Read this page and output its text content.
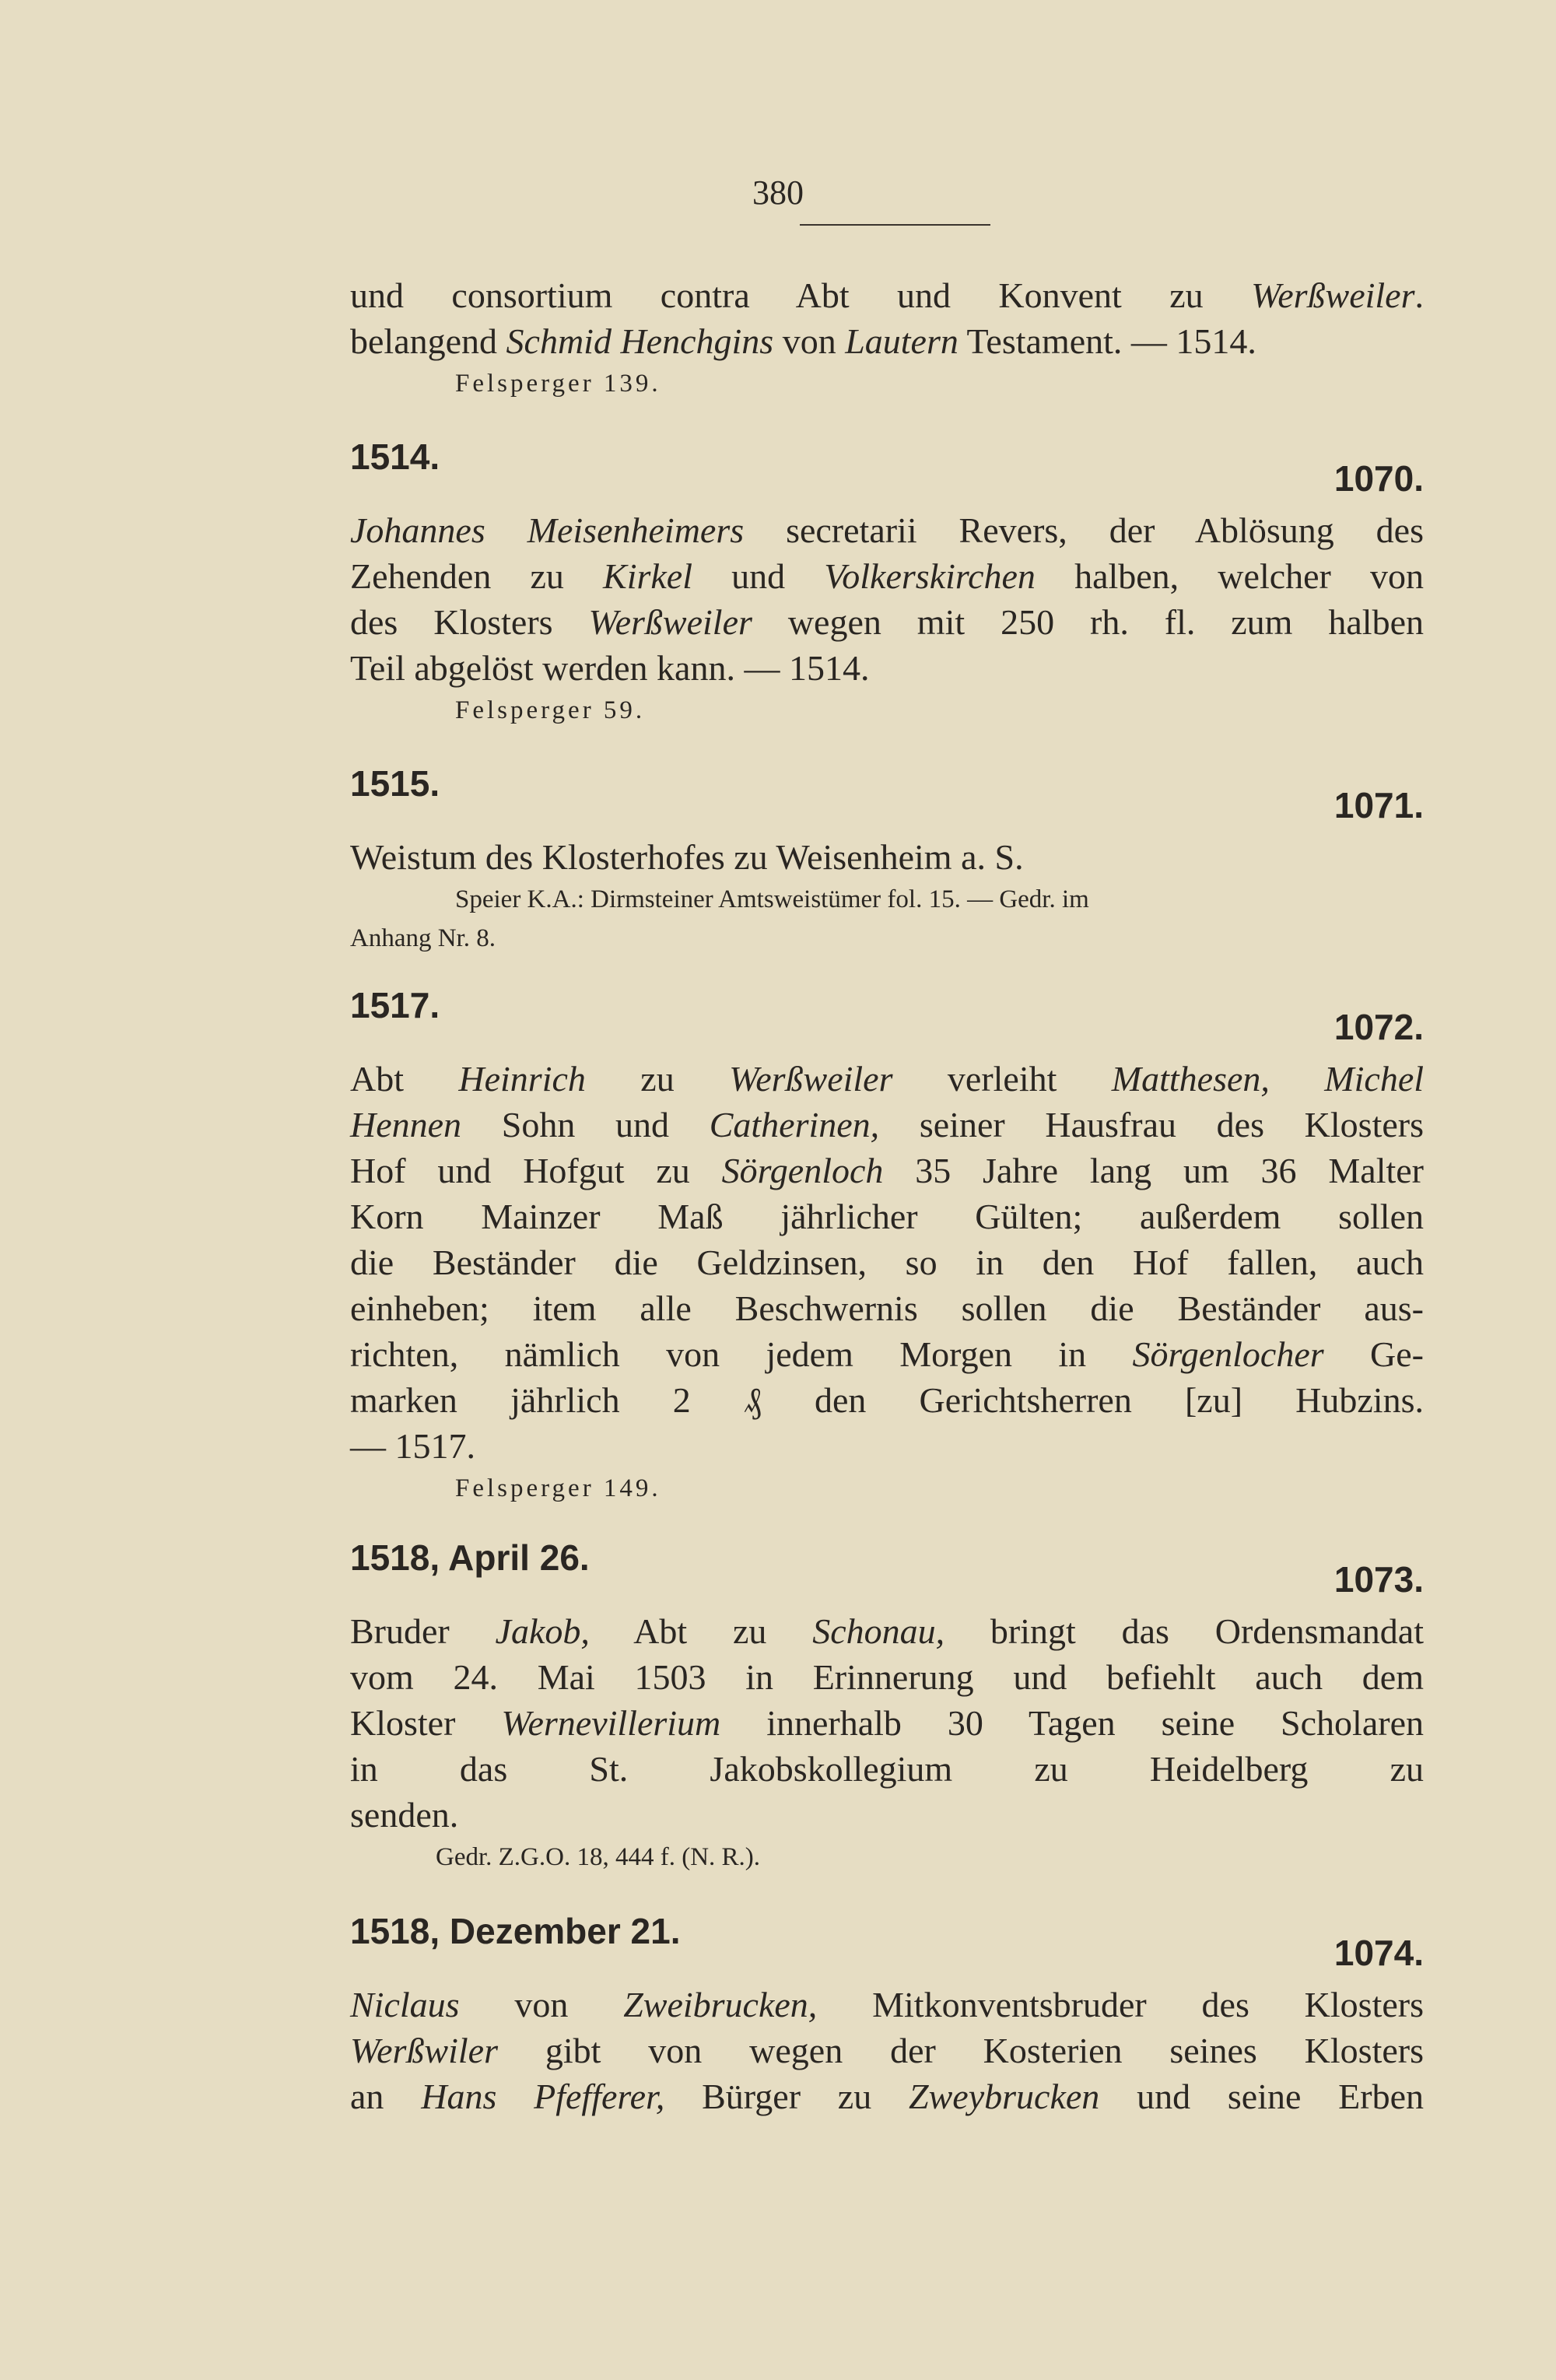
380
und consortium contra Abt und Konvent zu Werßweiler.
belangend Schmid Henchgins von Lautern Testament. — 1514.
Felsperger 139.
1514.
1070.
Johannes Meisenheimers secretarii Revers, der Ablösung des
Zehenden zu Kirkel und Volkerskirchen halben, welcher von
des Klosters Werßweiler wegen mit 250 rh. fl. zum halben
Teil abgelöst werden kann. — 1514.
Felsperger 59.
1515.
1071.
Weistum des Klosterhofes zu Weisenheim a. S.
Speier K.A.: Dirmsteiner Amtsweistümer fol. 15. — Gedr. im
Anhang Nr. 8.
1517.
1072.
Abt Heinrich zu Werßweiler verleiht Matthesen, Michel
Hennen Sohn und Catherinen, seiner Hausfrau des Klosters
Hof und Hofgut zu Sörgenloch 35 Jahre lang um 36 Malter
Korn Mainzer Maß jährlicher Gülten; außerdem sollen
die Beständer die Geldzinsen, so in den Hof fallen, auch
einheben; item alle Beschwernis sollen die Beständer aus-
richten, nämlich von jedem Morgen in Sörgenlocher Ge-
marken jährlich 2 ₰ den Gerichtsherren [zu] Hubzins.
— 1517.
Felsperger 149.
1518, April 26.
1073.
Bruder Jakob, Abt zu Schonau, bringt das Ordensmandat
vom 24. Mai 1503 in Erinnerung und befiehlt auch dem
Kloster Wernevillerium innerhalb 30 Tagen seine Scholaren
in das St. Jakobskollegium zu Heidelberg zu
senden.
Gedr. Z.G.O. 18, 444 f. (N. R.).
1518, Dezember 21.
1074.
Niclaus von Zweibrucken, Mitkonventsbruder des Klosters
Werßwiler gibt von wegen der Kosterien seines Klosters
an Hans Pfefferer, Bürger zu Zweybrucken und seine Erben
